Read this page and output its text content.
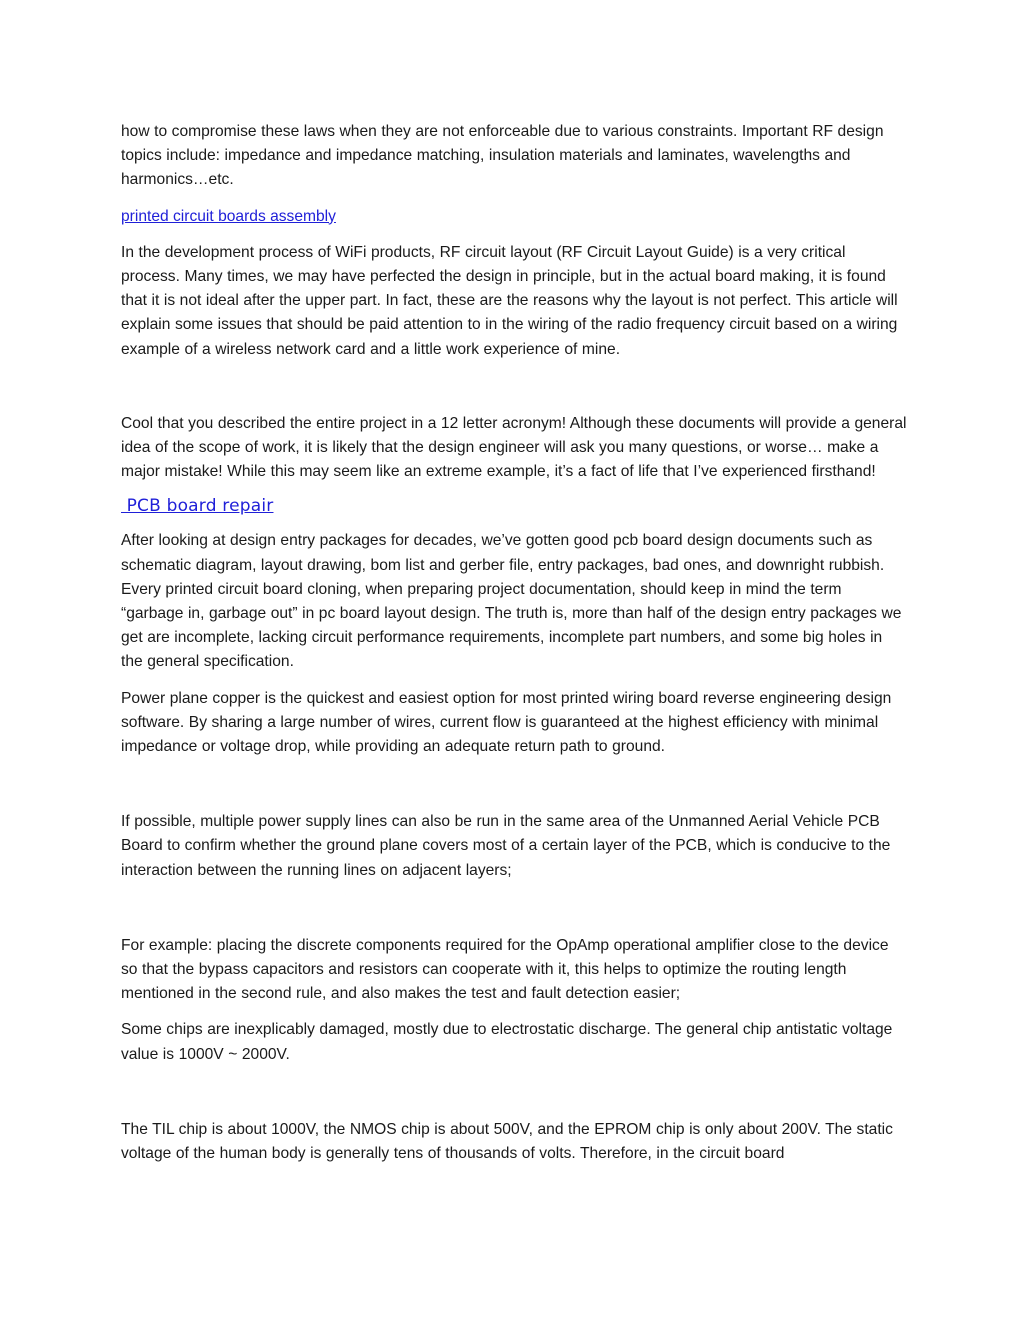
how to compromise these laws when they are not enforceable due to various constraints. Important RF design topics include: impedance and impedance matching, insulation materials and laminates, wavelengths and harmonics…etc.

printed circuit boards assembly

In the development process of WiFi products, RF circuit layout (RF Circuit Layout Guide) is a very critical process. Many times, we may have perfected the design in principle, but in the actual board making, it is found that it is not ideal after the upper part. In fact, these are the reasons why the layout is not perfect. This article will explain some issues that should be paid attention to in the wiring of the radio frequency circuit based on a wiring example of a wireless network card and a little work experience of mine.

Cool that you described the entire project in a 12 letter acronym! Although these documents will provide a general idea of the scope of work, it is likely that the design engineer will ask you many questions, or worse… make a major mistake! While this may seem like an extreme example, it’s a fact of life that I’ve experienced firsthand!

PCB board repair

After looking at design entry packages for decades, we’ve gotten good pcb board design documents such as schematic diagram, layout drawing, bom list and gerber file, entry packages, bad ones, and downright rubbish. Every printed circuit board cloning, when preparing project documentation, should keep in mind the term “garbage in, garbage out” in pc board layout design. The truth is, more than half of the design entry packages we get are incomplete, lacking circuit performance requirements, incomplete part numbers, and some big holes in the general specification.

Power plane copper is the quickest and easiest option for most printed wiring board reverse engineering design software. By sharing a large number of wires, current flow is guaranteed at the highest efficiency with minimal impedance or voltage drop, while providing an adequate return path to ground.

If possible, multiple power supply lines can also be run in the same area of the Unmanned Aerial Vehicle PCB Board to confirm whether the ground plane covers most of a certain layer of the PCB, which is conducive to the interaction between the running lines on adjacent layers;

For example: placing the discrete components required for the OpAmp operational amplifier close to the device so that the bypass capacitors and resistors can cooperate with it, this helps to optimize the routing length mentioned in the second rule, and also makes the test and fault detection easier;

Some chips are inexplicably damaged, mostly due to electrostatic discharge. The general chip antistatic voltage value is 1000V ~ 2000V.

The TIL chip is about 1000V, the NMOS chip is about 500V, and the EPROM chip is only about 200V. The static voltage of the human body is generally tens of thousands of volts. Therefore, in the circuit board
